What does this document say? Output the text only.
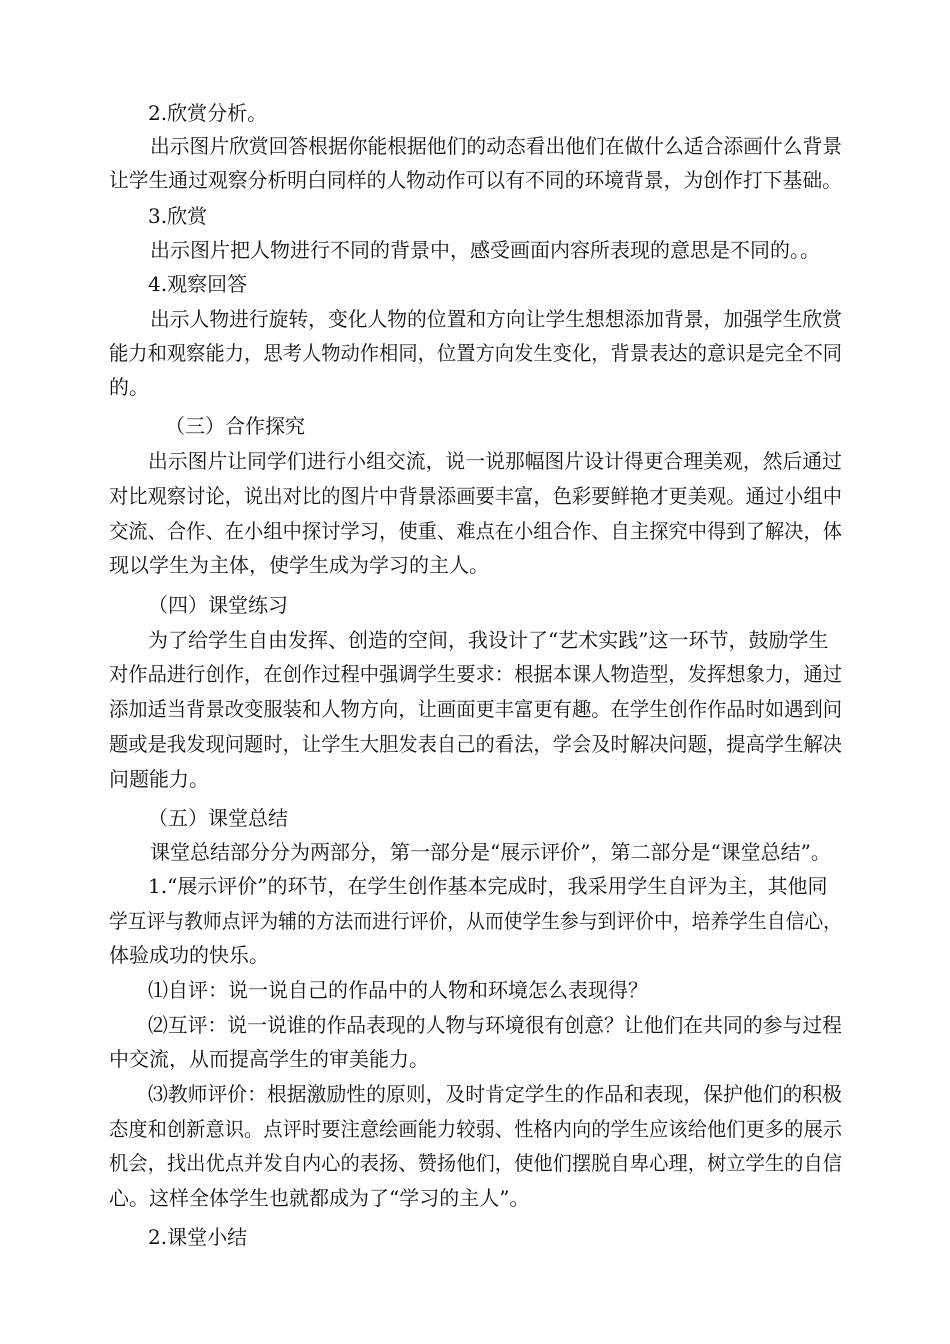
2.欣赏分析。
出示图片欣赏回答根据你能根据他们的动态看出他们在做什么适合添画什么背景
让学生通过观察分析明白同样的人物动作可以有不同的环境背景，为创作打下基础。
3.欣赏
出示图片把人物进行不同的背景中，感受画面内容所表现的意思是不同的。。
4.观察回答
出示人物进行旋转，变化人物的位置和方向让学生想想添加背景，加强学生欣赏
能力和观察能力，思考人物动作相同，位置方向发生变化，背景表达的意识是完全不同
的。
（三）合作探究
出示图片让同学们进行小组交流，说一说那幅图片设计得更合理美观，然后通过
对比观察讨论，说出对比的图片中背景添画要丰富，色彩要鲜艳才更美观。通过小组中
交流、合作、在小组中探讨学习，使重、难点在小组合作、自主探究中得到了解决，体
现以学生为主体，使学生成为学习的主人。
（四）课堂练习
为了给学生自由发挥、创造的空间，我设计了“艺术实践”这一环节，鼓励学生
对作品进行创作，在创作过程中强调学生要求：根据本课人物造型，发挥想象力，通过
添加适当背景改变服装和人物方向，让画面更丰富更有趣。在学生创作作品时如遇到问
题或是我发现问题时，让学生大胆发表自己的看法，学会及时解决问题，提高学生解决
问题能力。
（五）课堂总结
课堂总结部分分为两部分，第一部分是“展示评价”，第二部分是“课堂总结”。
1.“展示评价”的环节，在学生创作基本完成时，我采用学生自评为主，其他同
学互评与教师点评为辅的方法而进行评价，从而使学生参与到评价中，培养学生自信心，
体验成功的快乐。
⑴自评：说一说自己的作品中的人物和环境怎么表现得？
⑵互评：说一说谁的作品表现的人物与环境很有创意？让他们在共同的参与过程
中交流，从而提高学生的审美能力。
⑶教师评价：根据激励性的原则，及时肯定学生的作品和表现，保护他们的积极
态度和创新意识。点评时要注意绘画能力较弱、性格内向的学生应该给他们更多的展示
机会，找出优点并发自内心的表扬、赞扬他们，使他们摆脱自卑心理，树立学生的自信
心。这样全体学生也就都成为了“学习的主人”。
2.课堂小结
